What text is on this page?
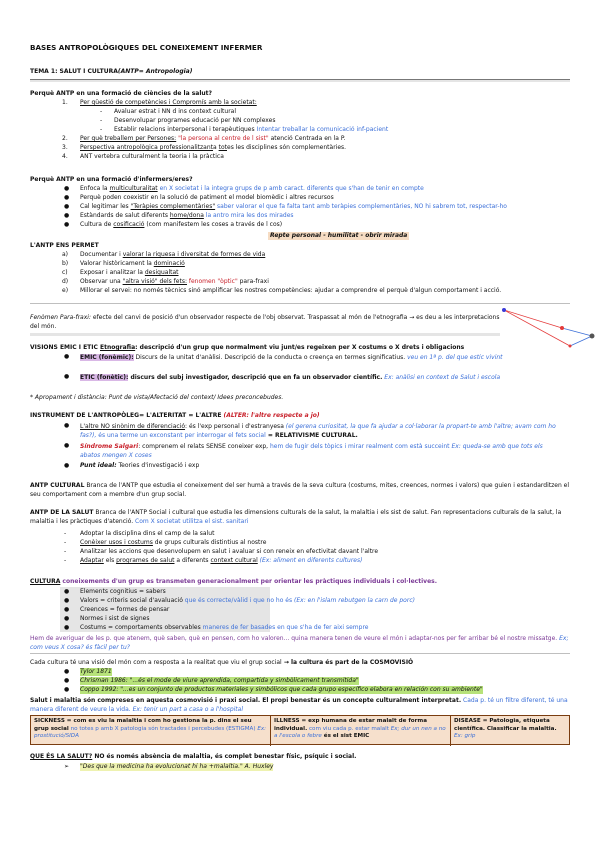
BASES ANTROPOLÒGIQUES DEL CONEIXEMENT INFERMER
TEMA 1: SALUT I CULTURA(ANTP= Antropologia)
Perquè ANTP en una formació de ciències de la salut?
1. Per qüestió de competències i Compromís amb la societat:
- Avaluar estrat i NN d ins context cultural
- Desenvolupar programes educació per NN complexes
- Establir relacions interpersonal i terapèutiques Intentar treballar la comunicació inf-pacient
2. Per què treballem per Persones: "la persona al centre de l sist" atenció Centrada en la P.
3. Perspectiva antropològica professionalitzanta totes les disciplines són complementàries.
4. ANT vertebra culturalment la teoria i la pràctica
Perquè ANTP en una formació d'infermers/eres?
● Enfoca la multiculturalitat en X societat i la integra grups de p amb caract. diferents que s'han de tenir en compte
● Perquè poden coexistir en la solució de patiment el model biomèdic i altres recursos
● Cal legitimar les "Teràpies complementàries" saber valorar el que fa falta tant amb teràpies complementàries, NO hi sabrem tot, respectar-ho
● Estàndards de salut diferents home/dona la antro mira les dos mirades
● Cultura de cosificació (com manifestem les coses a través de l cos)
Repte personal - humilitat - obrir mirada
L'ANTP ENS PERMET
a) Documentar i valorar la riquesa i diversitat de formes de vida
b) Valorar històricament la dominació
c) Exposar i analitzar la desigualtat
d) Observar una "altra visió" dels fets: fenomen "òptic" para-fraxi
e) Millorar el servei: no només tècnics sinó amplificar les nostres competències: ajudar a comprendre el perquè d'algun comportament i acció.
Fenòmen Para-fraxi: efecte del canvi de posició d'un observador respecte de l'obj observat. Traspassat al món de l'etnografia → es deu a les interpretacions del món.
VISIONS EMIC I ETIC Etnografia: descripció d'un grup que normalment viu junt/es regeixen per X costums o X drets i obligacions
● EMIC (fonèmic): Discurs de la unitat d'anàlisi. Descripció de la conducta o creença en termes significatius. veu en 1ª p. del que estic vivint
● ETIC (fonètic): discurs del subj investigador, descripció que en fa un observador científic. Ex: anàlisi en context de Salut i escola
* Apropament i distància: Punt de vista/Afectació del context/ Idees preconcebudes.
INSTRUMENT DE L'ANTROPÒLEG= L'ALTERITAT = L'ALTRE (ALTER: l'altre respecte a jo)
● L'altre NO sinònim de diferenciació: és l'exp personal i d'estranyesa (el gerena curiositat, la que fa ajudar a col·laborar la propart-te amb l'altre; avam com ho fas?), és una terme un exconstant per interrogar el fets social = RELATIVISME CULTURAL.
● Síndrome Salgari: comprenem el relats SENSE coneixer exp, hem de fugir dels tòpics i mirar realment com està succeint Ex: queda-se amb que tots els abatos mengen X coses
● Punt ideal: Teories d'investigació i exp
ANTP CULTURAL Branca de l'ANTP que estudia el coneixement del ser humà a través de la seva cultura (costums, mites, creences, normes i valors) que guien i estandarditzen el seu comportament com a membre d'un grup social.
ANTP DE LA SALUT Branca de l'ANTP Social i cultural que estudia les dimensions culturals de la salut, la malaltia i els sist de salut. Fan representacions culturals de la salut, la malaltia i les pràctiques d'atenció. Com X societat utilitza el sist. sanitari
- Adoptar la disciplina dins el camp de la salut
- Conèixer usos i costums de grups culturals distintius al nostre
- Analitzar les accions que desenvolupem en salut i avaluar si con reneix en efectivitat davant l'altre
- Adaptar els programes de salut a diferents context cultural (Ex: aliment en diferents cultures)
CULTURA coneixements d'un grup es transmeten generacionalment per orientar les pràctiques individuals i col·lectives.
● Elements cognitius = sabers
● Valors = criteris social d'avaluació que és correcte/vàlid i que no ho és (Ex: en l'islam rebutgen la carn de porc)
● Creences = formes de pensar
● Normes i sist de signes
● Costums = comportaments observables maneres de fer basades en que s'ha de fer aixi sempre
Hem de averiguar de les p. que atenem, què saben, què en pensen, com ho valoren... quina manera tenen de veure el món i adaptar-nos per fer arribar bé el nostre missatge. Ex; com veus X cosa? és fàcil per tu?
Cada cultura té una visió del món com a resposta a la realitat que viu el grup social → la cultura és part de la COSMOVISIÓ
● Tylor 1871
● Chrisman 1986: "...és el mode de viure aprendida, compartida y simbòlicament transmitida"
● Coppo 1992: "...es un conjunto de productos materiales y simbólicos que cada grupo específico elabora en relación con su ambiente"
Salut i malaltia són compreses en aquesta cosmovisió i praxi social. El propi benestar és un concepte culturalment interpretat. Cada p. té un filtre diferent, té una manera diferent de veure la vida. Ex: tenir un part a casa o a l'hospital
SICKNESS = com es viu la malaltia i com ho gestiona la p. dins el seu grup social no totes p amb X patologia són tractades i percebudes (ESTIGMA) Ex: prostitució/SIDA
ILLNESS = exp humana de estar malalt de forma individual. com viu cada p. estar malalt Ex; dur un nen a no a l'escola o febre és el sist EMIC
DISEASE = Patologia, etiqueta científica. Classificar la malaltia. Ex: grip
QUE ÉS LA SALUT? NO és només absència de malaltia, és complet benestar físic, psíquic i social.
➢ "Des que la medicina ha evolucionat hi ha +malaltia." A. Huxley
